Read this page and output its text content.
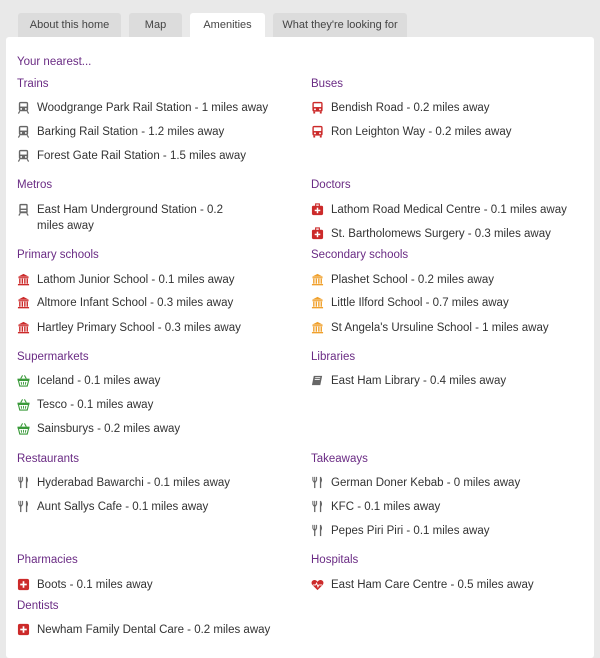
About this home	Map	Amenities	What they're looking for
Your nearest...
Trains
Woodgrange Park Rail Station - 1 miles away
Barking Rail Station - 1.2 miles away
Forest Gate Rail Station - 1.5 miles away
Metros
East Ham Underground Station - 0.2 miles away
Primary schools
Lathom Junior School - 0.1 miles away
Altmore Infant School - 0.3 miles away
Hartley Primary School - 0.3 miles away
Supermarkets
Iceland - 0.1 miles away
Tesco - 0.1 miles away
Sainsburys - 0.2 miles away
Restaurants
Hyderabad Bawarchi - 0.1 miles away
Aunt Sallys Cafe - 0.1 miles away
Pharmacies
Boots - 0.1 miles away
Dentists
Newham Family Dental Care - 0.2 miles away
Buses
Bendish Road - 0.2 miles away
Ron Leighton Way - 0.2 miles away
Doctors
Lathom Road Medical Centre - 0.1 miles away
St. Bartholomews Surgery - 0.3 miles away
Secondary schools
Plashet School - 0.2 miles away
Little Ilford School - 0.7 miles away
St Angela's Ursuline School - 1 miles away
Libraries
East Ham Library - 0.4 miles away
Takeaways
German Doner Kebab - 0 miles away
KFC - 0.1 miles away
Pepes Piri Piri - 0.1 miles away
Hospitals
East Ham Care Centre - 0.5 miles away
